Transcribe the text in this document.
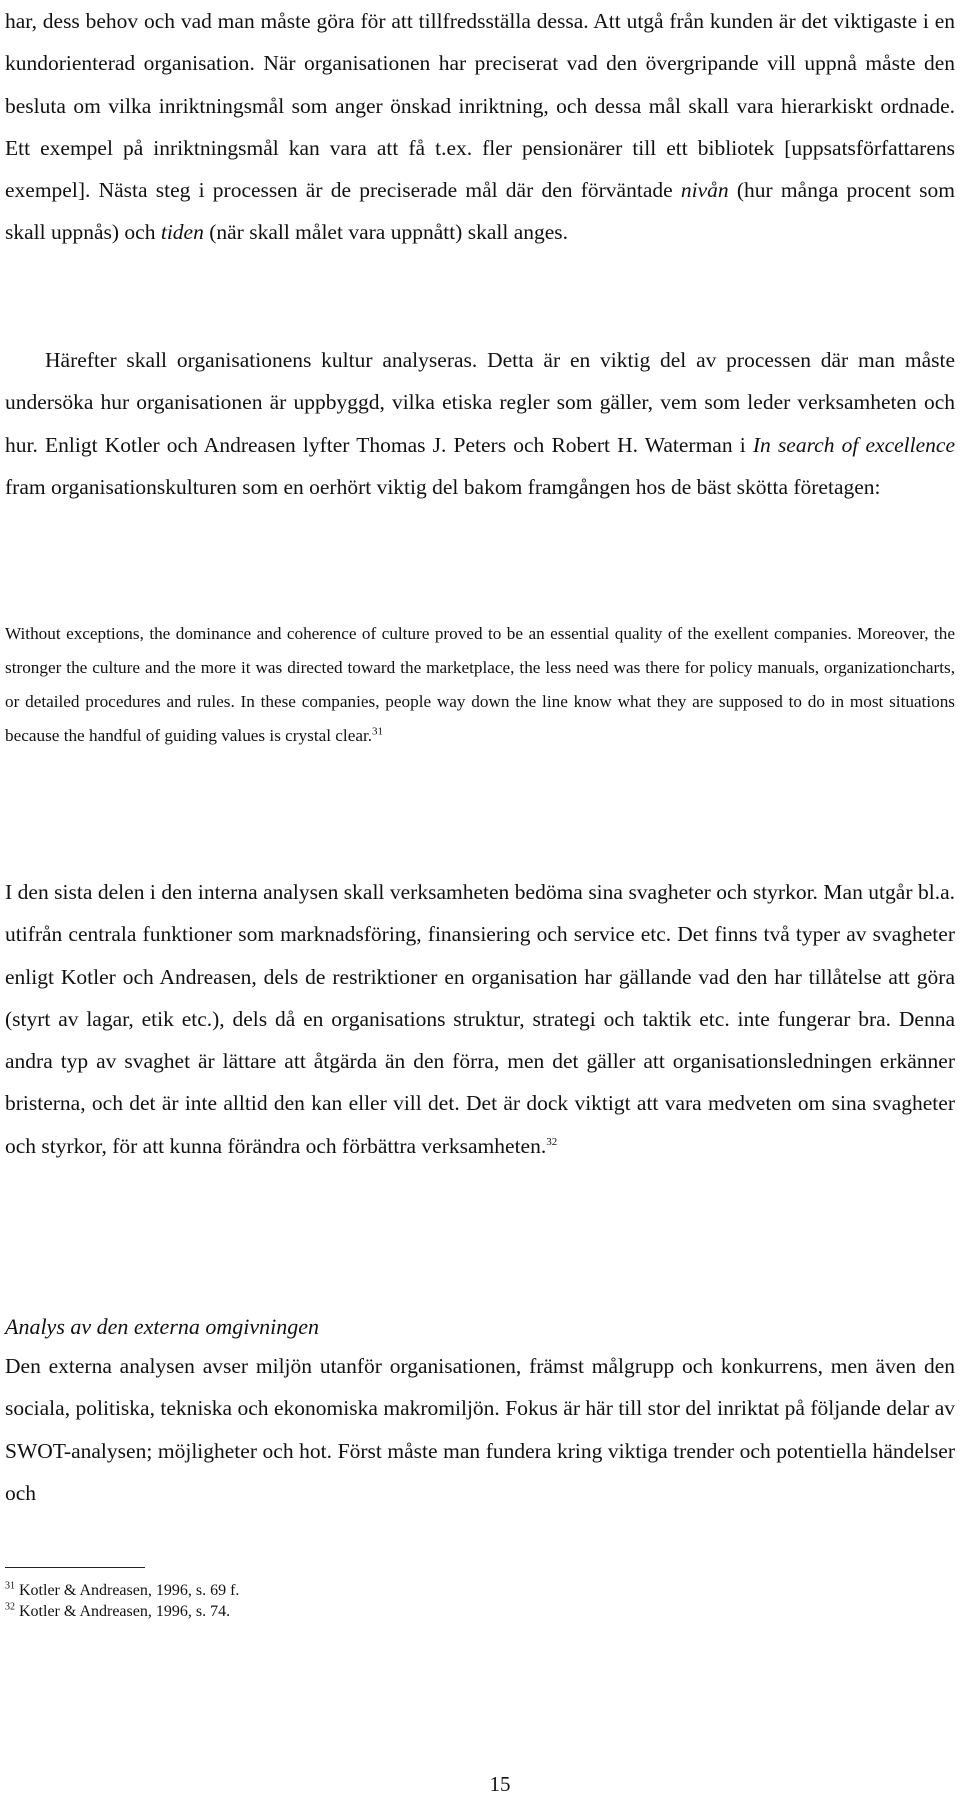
har, dess behov och vad man måste göra för att tillfredsställa dessa. Att utgå från kunden är det viktigaste i en kundorienterad organisation. När organisationen har preciserat vad den övergripande vill uppnå måste den besluta om vilka inriktningsmål som anger önskad inriktning, och dessa mål skall vara hierarkiskt ordnade. Ett exempel på inriktningsmål kan vara att få t.ex. fler pensionärer till ett bibliotek [uppsatsförfattarens exempel]. Nästa steg i processen är de preciserade mål där den förväntade nivån (hur många procent som skall uppnås) och tiden (när skall målet vara uppnått) skall anges.

Härefter skall organisationens kultur analyseras. Detta är en viktig del av processen där man måste undersöka hur organisationen är uppbyggd, vilka etiska regler som gäller, vem som leder verksamheten och hur. Enligt Kotler och Andreasen lyfter Thomas J. Peters och Robert H. Waterman i In search of excellence fram organisationskulturen som en oerhört viktig del bakom framgången hos de bäst skötta företagen:

Without exceptions, the dominance and coherence of culture proved to be an essential quality of the exellent companies. Moreover, the stronger the culture and the more it was directed toward the marketplace, the less need was there for policy manuals, organizationcharts, or detailed procedures and rules. In these companies, people way down the line know what they are supposed to do in most situations because the handful of guiding values is crystal clear.$^{31}$

I den sista delen i den interna analysen skall verksamheten bedöma sina svagheter och styrkor. Man utgår bl.a. utifrån centrala funktioner som marknadsföring, finansiering och service etc. Det finns två typer av svagheter enligt Kotler och Andreasen, dels de restriktioner en organisation har gällande vad den har tillåtelse att göra (styrt av lagar, etik etc.), dels då en organisations struktur, strategi och taktik etc. inte fungerar bra. Denna andra typ av svaghet är lättare att åtgärda än den förra, men det gäller att organisationsledningen erkänner bristerna, och det är inte alltid den kan eller vill det. Det är dock viktigt att vara medveten om sina svagheter och styrkor, för att kunna förändra och förbättra verksamheten.$^{32}$

Analys av den externa omgivningen

Den externa analysen avser miljön utanför organisationen, främst målgrupp och konkurrens, men även den sociala, politiska, tekniska och ekonomiska makromiljön. Fokus är här till stor del inriktat på följande delar av SWOT-analysen; möjligheter och hot. Först måste man fundera kring viktiga trender och potentiella händelser och

$^{31}$ Kotler & Andreasen, 1996, s. 69 f.
$^{32}$ Kotler & Andreasen, 1996, s. 74.

15
